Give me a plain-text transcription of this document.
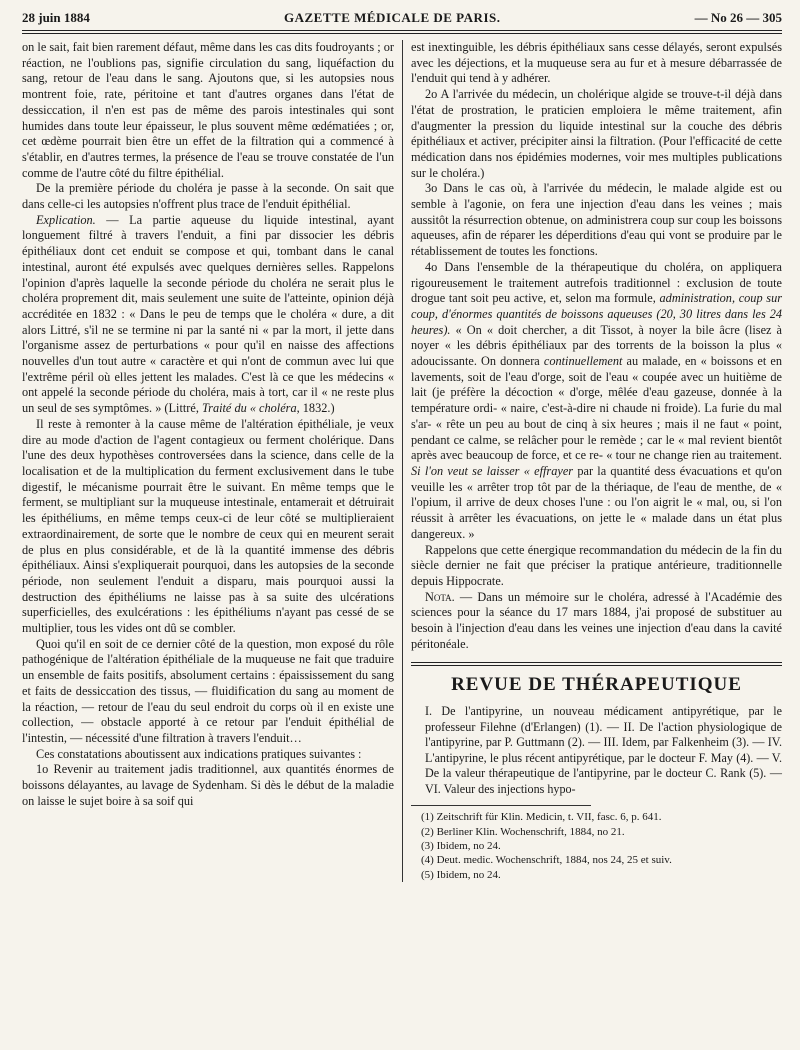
28 juin 1884	GAZETTE MÉDICALE DE PARIS.	— No 26 — 305

on le sait, fait bien rarement défaut, même dans les cas dits foudroyants ; or réaction, ne l'oublions pas, signifie circulation du sang, liquéfaction du sang, retour de l'eau dans le sang. Ajoutons que, si les autopsies nous montrent foie, rate, péritoine et tant d'autres organes dans l'état de dessiccation, il n'en est pas de même des parois intestinales qui sont humides dans toute leur épaisseur, le plus souvent même œdématiées ; or, cet œdème pourrait bien être un effet de la filtration qui a commencé à s'établir, en d'autres termes, la présence de l'eau se trouve constatée de l'un comme de l'autre côté du filtre épithélial.

De la première période du choléra je passe à la seconde. On sait que dans celle-ci les autopsies n'offrent plus trace de l'enduit épithélial.

Explication. — La partie aqueuse du liquide intestinal, ayant longuement filtré à travers l'enduit, a fini par dissocier les débris épithéliaux dont cet enduit se compose et qui, tombant dans le canal intestinal, auront été expulsés avec quelques dernières selles. Rappelons l'opinion d'après laquelle la seconde période du choléra ne serait plus le choléra proprement dit, mais seulement une suite de l'atteinte, opinion déjà accréditée en 1832 : « Dans le peu de temps que le choléra « dure, a dit alors Littré, s'il ne se termine ni par la santé ni « par la mort, il jette dans l'organisme assez de perturbations « pour qu'il en naisse des affections nouvelles d'un tout autre « caractère et qui n'ont de commun avec lui que l'extrême péril où elles jettent les malades. C'est là ce que les médecins « ont appelé la seconde période du choléra, mais à tort, car il « ne reste plus un seul de ses symptômes. » (Littré, Traité du « choléra, 1832.)

Il reste à remonter à la cause même de l'altération épithéliale, je veux dire au mode d'action de l'agent contagieux ou ferment cholérique. Dans l'une des deux hypothèses controversées dans la science, dans celle de la localisation et de la multiplication du ferment exclusivement dans le tube digestif, le mécanisme pourrait être le suivant. En même temps que le ferment, se multipliant sur la muqueuse intestinale, entamerait et détruirait les épithéliums, en même temps ceux-ci de leur côté se multiplieraient extraordinairement, de sorte que le nombre de ceux qui en meurent serait de plus en plus considérable, et de là la quantité immense des débris épithéliaux. Ainsi s'expliquerait pourquoi, dans les autopsies de la seconde période, non seulement l'enduit a disparu, mais pourquoi aussi la destruction des épithéliums ne laisse pas à sa suite des ulcérations superficielles, des exulcérations : les épithéliums n'ayant pas cessé de se multiplier, tous les vides ont dû se combler.

Quoi qu'il en soit de ce dernier côté de la question, mon exposé du rôle pathogénique de l'altération épithéliale de la muqueuse ne fait que traduire un ensemble de faits positifs, absolument certains : épaississement du sang et faits de dessiccation des tissus, — fluidification du sang au moment de la réaction, — retour de l'eau du seul endroit du corps où il en existe une collection, — obstacle apporté à ce retour par l'enduit épithélial de l'intestin, — nécessité d'une filtration à travers l'enduit…

Ces constatations aboutissent aux indications pratiques suivantes :

1o Revenir au traitement jadis traditionnel, aux quantités énormes de boissons délayantes, au lavage de Sydenham. Si dès le début de la maladie on laisse le sujet boire à sa soif qui

est inextinguible, les débris épithéliaux sans cesse délayés, seront expulsés avec les déjections, et la muqueuse sera au fur et à mesure débarrassée de l'enduit qui tend à y adhérer.

2o A l'arrivée du médecin, un cholérique algide se trouve-t-il déjà dans l'état de prostration, le praticien emploiera le même traitement, afin d'augmenter la pression du liquide intestinal sur la couche des débris épithéliaux et activer, précipiter ainsi la filtration. (Pour l'efficacité de cette médication dans nos épidémies modernes, voir mes multiples publications sur le choléra.)

3o Dans le cas où, à l'arrivée du médecin, le malade algide est ou semble à l'agonie, on fera une injection d'eau dans les veines ; mais aussitôt la résurrection obtenue, on administrera coup sur coup les boissons aqueuses, afin de réparer les déperditions d'eau qui vont se produire par le rétablissement de toutes les fonctions.

4o Dans l'ensemble de la thérapeutique du choléra, on appliquera rigoureusement le traitement autrefois traditionnel : exclusion de toute drogue tant soit peu active, et, selon ma formule, administration, coup sur coup, d'énormes quantités de boissons aqueuses (20, 30 litres dans les 24 heures). « On « doit chercher, a dit Tissot, à noyer la bile âcre (lisez à noyer « les débris épithéliaux par des torrents de la boisson la plus « adoucissante. On donnera continuellement au malade, en « boissons et en lavements, soit de l'eau d'orge, soit de l'eau « coupée avec un huitième de lait (je préfère la décoction « d'orge, mêlée d'eau gazeuse, donnée à la température ordi- « naire, c'est-à-dire ni chaude ni froide). La furie du mal s'ar- « rête un peu au bout de cinq à six heures ; mais il ne faut « point, pendant ce calme, se relâcher pour le remède ; car le « mal revient bientôt après avec beaucoup de force, et ce re- « tour ne change rien au traitement. Si l'on veut se laisser « effrayer par la quantité dess évacuations et qu'on veuille les « arrêter trop tôt par de la thériaque, de l'eau de menthe, de « l'opium, il arrive de deux choses l'une : ou l'on aigrit le « mal, ou, si l'on réussit à arrêter les évacuations, on jette le « malade dans un état plus dangereux. »

Rappelons que cette énergique recommandation du médecin de la fin du siècle dernier ne fait que préciser la pratique antérieure, traditionnelle depuis Hippocrate.

Nota. — Dans un mémoire sur le choléra, adressé à l'Académie des sciences pour la séance du 17 mars 1884, j'ai proposé de substituer au besoin à l'injection d'eau dans les veines une injection d'eau dans la cavité péritonéale.

REVUE DE THÉRAPEUTIQUE

I. De l'antipyrine, un nouveau médicament antipyrétique, par le professeur Filehne (d'Erlangen) (1). — II. De l'action physiologique de l'antipyrine, par P. Guttmann (2). — III. Idem, par Falkenheim (3). — IV. L'antipyrine, le plus récent antipyrétique, par le docteur F. May (4). — V. De la valeur thérapeutique de l'antipyrine, par le docteur C. Rank (5). — VI. Valeur des injections hypo-

(1) Zeitschrift für Klin. Medicin, t. VII, fasc. 6, p. 641.
(2) Berliner Klin. Wochenschrift, 1884, no 21.
(3) Ibidem, no 24.
(4) Deut. medic. Wochenschrift, 1884, nos 24, 25 et suiv.
(5) Ibidem, no 24.
